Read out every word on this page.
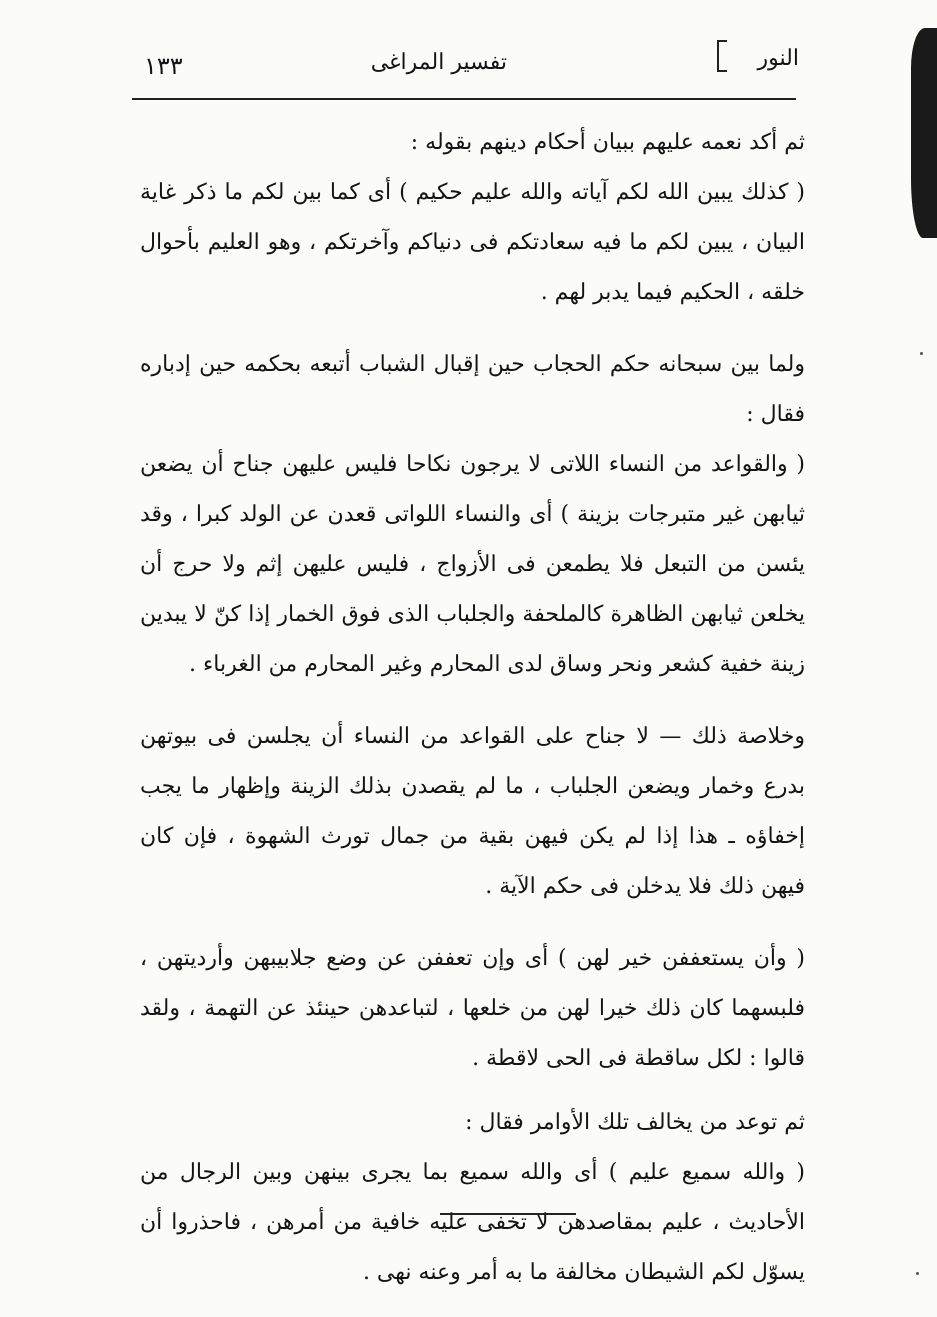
النور
تفسير المراغى
١٣٣

ثم أكد نعمه عليهم ببيان أحكام دينهم بقوله :

( كذلك يبين الله لكم آياته والله عليم حكيم ) أى كما بين لكم ما ذكر غاية البيان ، يبين لكم ما فيه سعادتكم فى دنياكم وآخرتكم ، وهو العليم بأحوال خلقه ، الحكيم فيما يدبر لهم .

ولما بين سبحانه حكم الحجاب حين إقبال الشباب أتبعه بحكمه حين إدباره فقال :

( والقواعد من النساء اللاتى لا يرجون نكاحا فليس عليهن جناح أن يضعن ثيابهن غير متبرجات بزينة ) أى والنساء اللواتى قعدن عن الولد كبرا ، وقد يئسن من التبعل فلا يطمعن فى الأزواج ، فليس عليهن إثم ولا حرج أن يخلعن ثيابهن الظاهرة كالملحفة والجلباب الذى فوق الخمار إذا كنّ لا يبدين زينة خفية كشعر ونحر وساق لدى المحارم وغير المحارم من الغرباء .

وخلاصة ذلك — لا جناح على القواعد من النساء أن يجلسن فى بيوتهن بدرع وخمار ويضعن الجلباب ، ما لم يقصدن بذلك الزينة وإظهار ما يجب إخفاؤه ـ هذا إذا لم يكن فيهن بقية من جمال تورث الشهوة ، فإن كان فيهن ذلك فلا يدخلن فى حكم الآية .

( وأن يستعففن خير لهن ) أى وإن تعففن عن وضع جلابيبهن وأرديتهن ، فلبسهما كان ذلك خيرا لهن من خلعها ، لتباعدهن حينئذ عن التهمة ، ولقد قالوا : لكل ساقطة فى الحى لاقطة .

ثم توعد من يخالف تلك الأوامر فقال :

( والله سميع عليم ) أى والله سميع بما يجرى بينهن وبين الرجال من الأحاديث ، عليم بمقاصدهن لا تخفى عليه خافية من أمرهن ، فاحذروا أن يسوّل لكم الشيطان مخالفة ما به أمر وعنه نهى .
